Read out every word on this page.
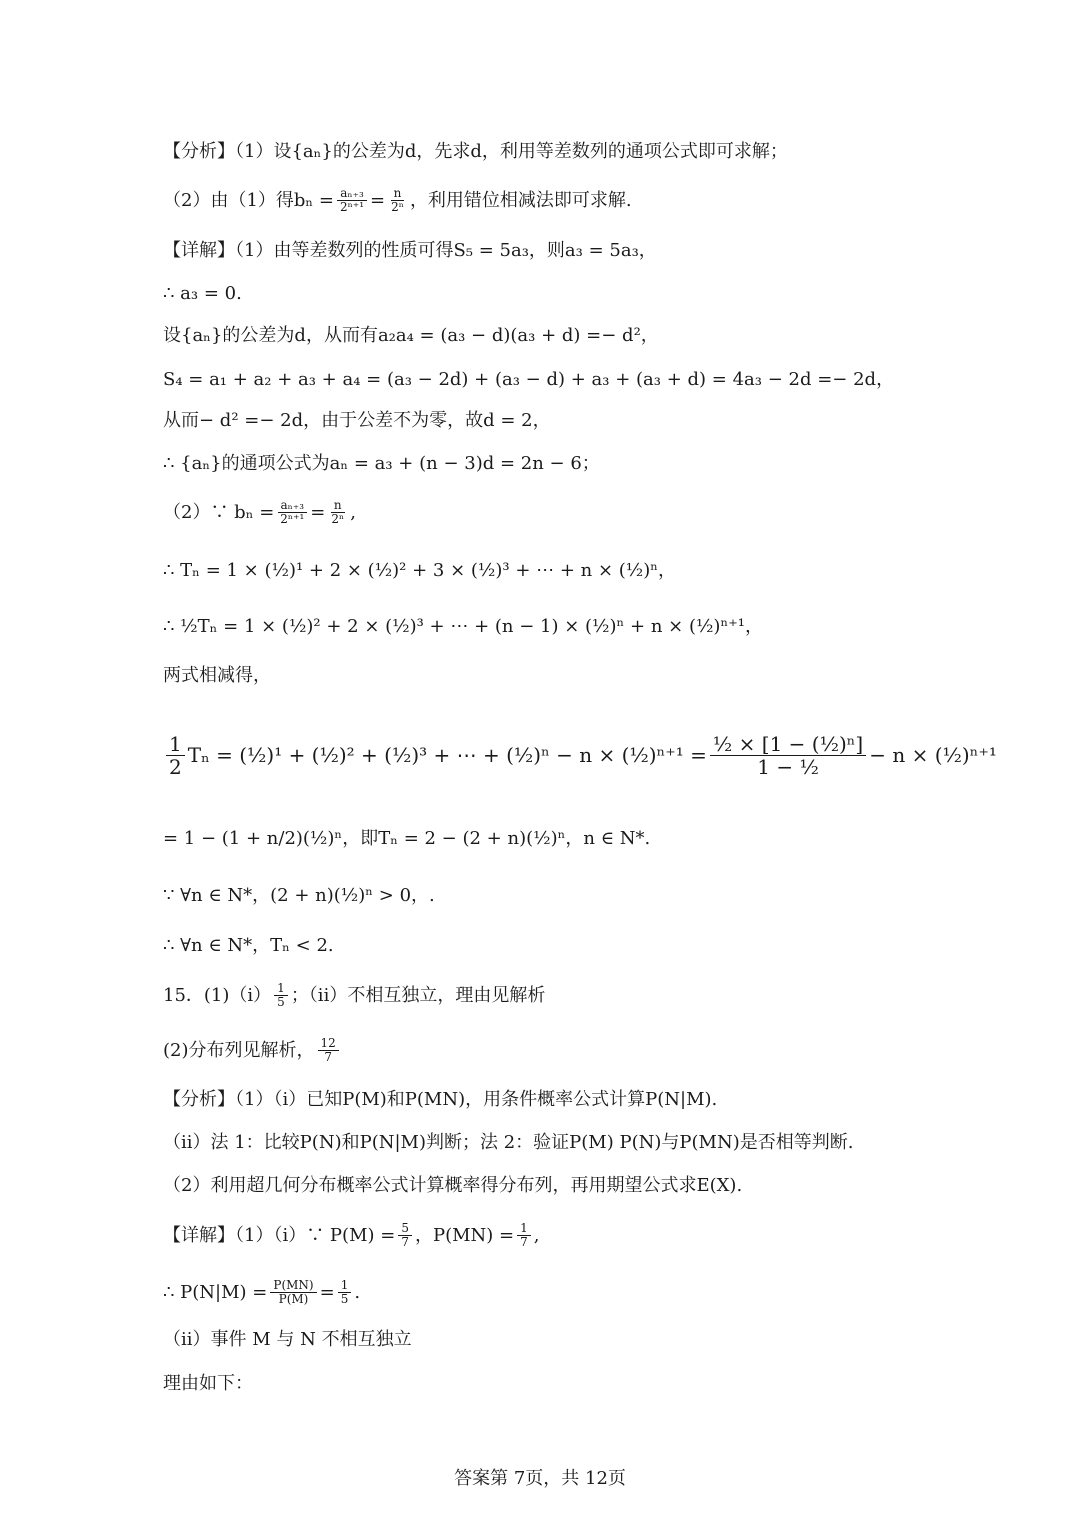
【分析】（1）设{aₙ}的公差为d，先求d，利用等差数列的通项公式即可求解；
（2）由（1）得$b_n = \frac{\text{aₙ₊₃}}{\text{2ⁿ⁺¹}} = \frac{n}{\text{2ⁿ}}$ ，利用错位相减法即可求解.
【详解】（1）由等差数列的性质可得S₅ = 5a₃，则a₃ = 5a₃，
∴ a₃ = 0.
设{aₙ}的公差为d，从而有a₂a₄ = (a₃ − d)(a₃ + d) =− d²，
S₄ = a₁ + a₂ + a₃ + a₄ = (a₃ − 2d) + (a₃ − d) + a₃ + (a₃ + d) = 4a₃ − 2d =− 2d，
从而− d² =− 2d，由于公差不为零，故d = 2，
∴ {aₙ}的通项公式为aₙ = a₃ + (n − 3)d = 2n − 6；
（2）∵ $b_n = \frac{\text{aₙ₊₃}}{\text{2ⁿ⁺¹}} = \frac{n}{\text{2ⁿ}}$ ,
∴ Tₙ = 1 × (½)¹ + 2 × (½)² + 3 × (½)³ + ⋯ + n × (½)ⁿ，
∴ ½Tₙ = 1 × (½)² + 2 × (½)³ + ⋯ + (n − 1) × (½)ⁿ + n × (½)ⁿ⁺¹，
两式相减得，
$\frac{1}{2}$ Tₙ = (½)¹ + (½)² + (½)³ + ⋯ + (½)ⁿ − n × (½)ⁿ⁺¹ = $\frac{\text{½ × [1 − (½)ⁿ]}}{\text{1 − ½}} - n$ × (½)ⁿ⁺¹
= 1 − (1 + n/2)(½)ⁿ，即Tₙ = 2 − (2 + n)(½)ⁿ，n ∈ N*.
∵ ∀n ∈ N*，(2 + n)(½)ⁿ > 0，.
∴ ∀n ∈ N*，Tₙ < 2.
15．$(1)(i) \frac{1}{5}$ ；（ii）不相互独立，理由见解析
(2)分布列见解析， $\frac{12}{7}$
【分析】（1）（i）已知P(M)和P(MN)，用条件概率公式计算P(N|M).
（ii）法 1：比较P(N)和P(N|M)判断；法 2：验证P(M) P(N)与P(MN)是否相等判断.
（2）利用超几何分布概率公式计算概率得分布列，再用期望公式求E(X).
【详解】（1）（i）∵ $P(M) = \frac{5}{7}$ ，$P(MN) = \frac{1}{7}$ ,
∴ $P(N|M) = \frac{P(MN)}{P(M)} = \frac{1}{5}$ .
（ii）事件 M 与 N 不相互独立
理由如下：
答案第 7页，共 12页
